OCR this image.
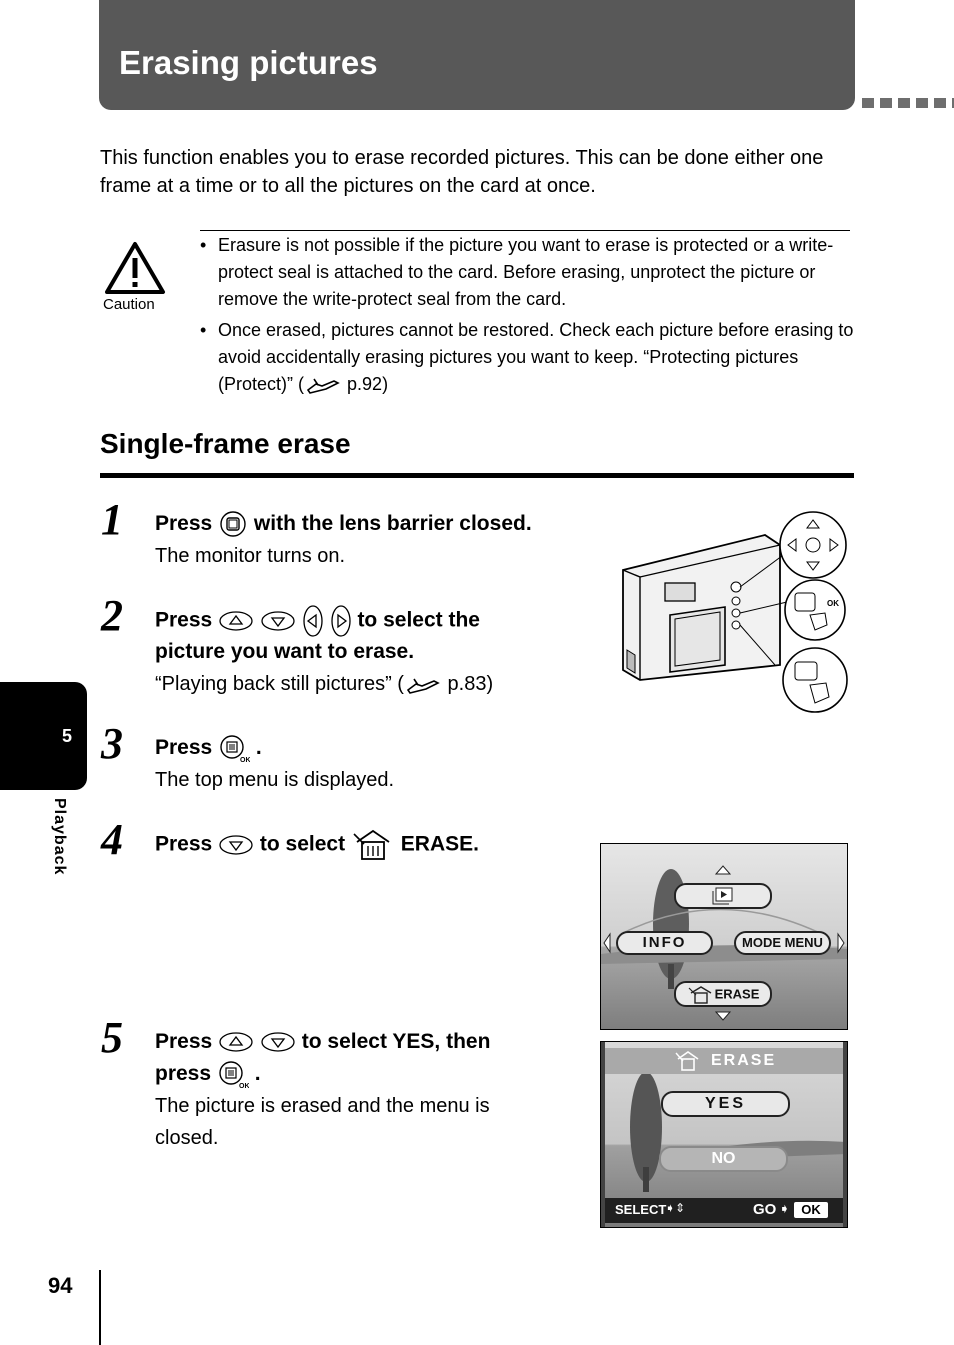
Erasing pictures
This function enables you to erase recorded pictures. This can be done either one frame at a time or to all the pictures on the card at once.
Caution
• Erasure is not possible if the picture you want to erase is protected or a write-protect seal is attached to the card. Before erasing, unprotect the picture or remove the write-protect seal from the card.
• Once erased, pictures cannot be restored. Check each picture before erasing to avoid accidentally erasing pictures you want to keep. “Protecting pictures (Protect)” ( p.92)
Single-frame erase
1 Press with the lens barrier closed.
The monitor turns on.
2 Press	to select the
picture you want to erase.
“Playing back still pictures” ( p.83)
3 Press
OK
.
The top menu is displayed.
4 Press to select	ERASE.
5 Press	to select YES, then
press
OK
.
The picture is erased and the menu is closed.
OK
INFO	MODE MENU
ERASE
ERASE
YES
NO
SELECT
➧⇕	GO ➧ OK
5
Playback
94
